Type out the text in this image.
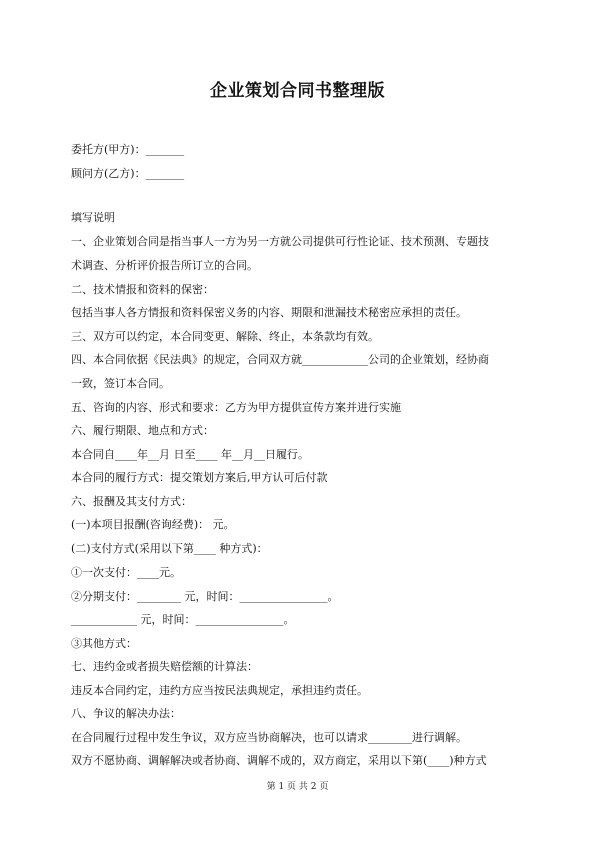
企业策划合同书整理版
委托方(甲方)：_______
顾问方(乙方)：_______
填写说明
一、企业策划合同是指当事人一方为另一方就公司提供可行性论证、技术预测、专题技
术调查、分析评价报告所订立的合同。
二、技术情报和资料的保密：
包括当事人各方情报和资料保密义务的内容、期限和泄漏技术秘密应承担的责任。
三、双方可以约定，本合同变更、解除、终止，本条款均有效。
四、本合同依据《民法典》的规定，合同双方就____________公司的企业策划，经协商
一致，签订本合同。
五、咨询的内容、形式和要求：乙方为甲方提供宣传方案并进行实施
六、履行期限、地点和方式：
本合同自____年__月 日至____ 年__月__日履行。
本合同的履行方式：提交策划方案后,甲方认可后付款
六、报酬及其支付方式：
(一)本项目报酬(咨询经费)： 元。
(二)支付方式(采用以下第____ 种方式)：
①一次支付：____元。
②分期支付：________ 元，时间：________________。
____________ 元，时间：________________。
③其他方式：
七、违约金或者损失赔偿额的计算法：
违反本合同约定，违约方应当按民法典规定，承担违约责任。
八、争议的解决办法：
在合同履行过程中发生争议，双方应当协商解决，也可以请求________进行调解。
双方不愿协商、调解解决或者协商、调解不成的，双方商定，采用以下第(____)种方式
第 1 页 共 2 页
